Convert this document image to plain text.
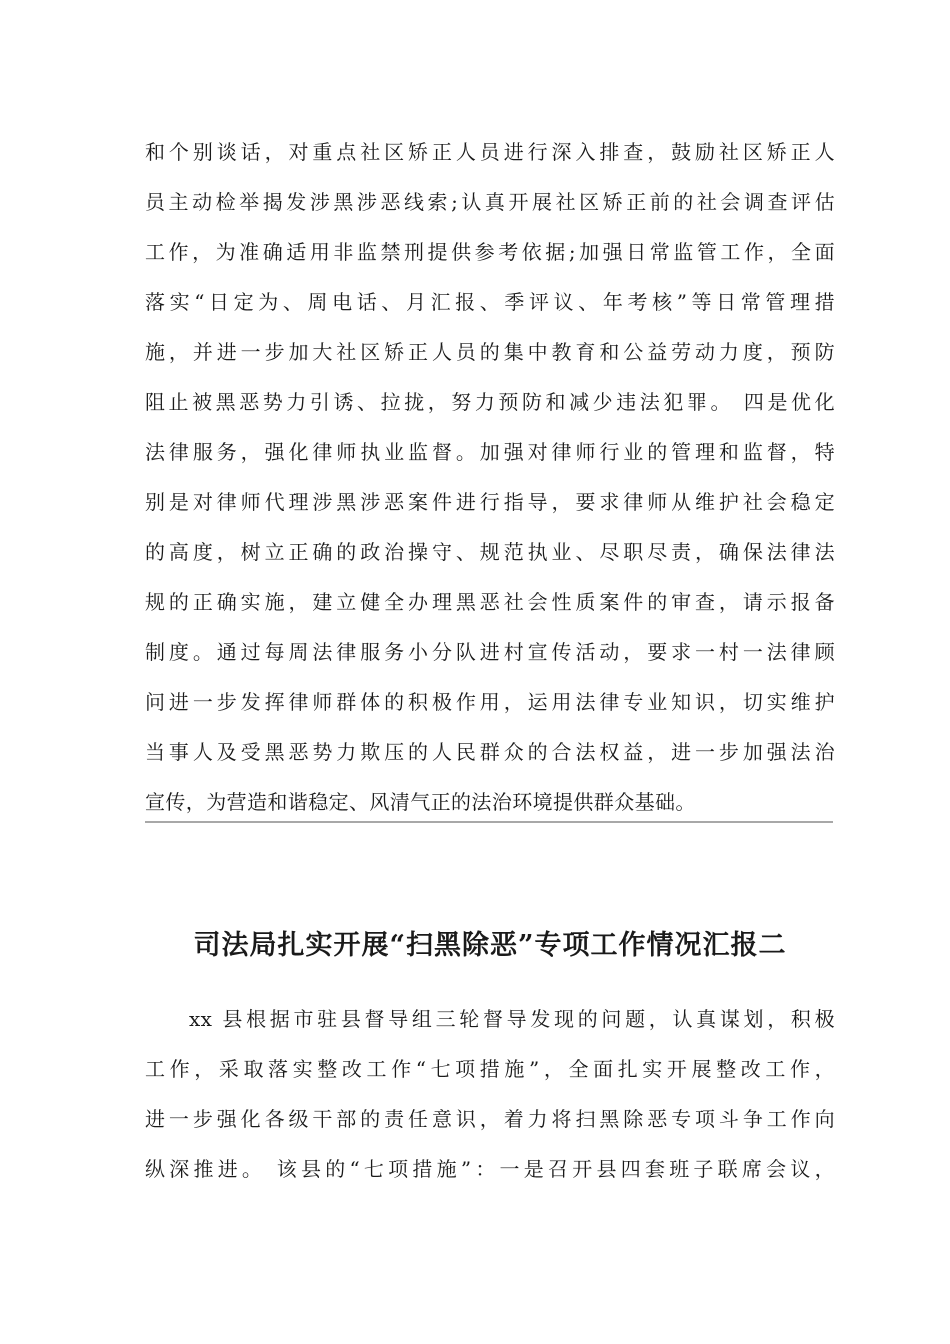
和个别谈话，对重点社区矫正人员进行深入排查，鼓励社区矫正人
员主动检举揭发涉黑涉恶线索;认真开展社区矫正前的社会调查评估
工作，为准确适用非监禁刑提供参考依据;加强日常监管工作，全面
落实“日定为、周电话、月汇报、季评议、年考核”等日常管理措
施，并进一步加大社区矫正人员的集中教育和公益劳动力度，预防
阻止被黑恶势力引诱、拉拢，努力预防和减少违法犯罪。 四是优化
法律服务，强化律师执业监督。加强对律师行业的管理和监督，特
别是对律师代理涉黑涉恶案件进行指导，要求律师从维护社会稳定
的高度，树立正确的政治操守、规范执业、尽职尽责，确保法律法
规的正确实施，建立健全办理黑恶社会性质案件的审查，请示报备
制度。通过每周法律服务小分队进村宣传活动，要求一村一法律顾
问进一步发挥律师群体的积极作用，运用法律专业知识，切实维护
当事人及受黑恶势力欺压的人民群众的合法权益，进一步加强法治
宣传，为营造和谐稳定、风清气正的法治环境提供群众基础。
司法局扎实开展“扫黑除恶”专项工作情况汇报二
xx 县根据市驻县督导组三轮督导发现的问题，认真谋划，积极
工作，采取落实整改工作“七项措施”，全面扎实开展整改工作，
进一步强化各级干部的责任意识，着力将扫黑除恶专项斗争工作向
纵深推进。 该县的“七项措施”：一是召开县四套班子联席会议，
